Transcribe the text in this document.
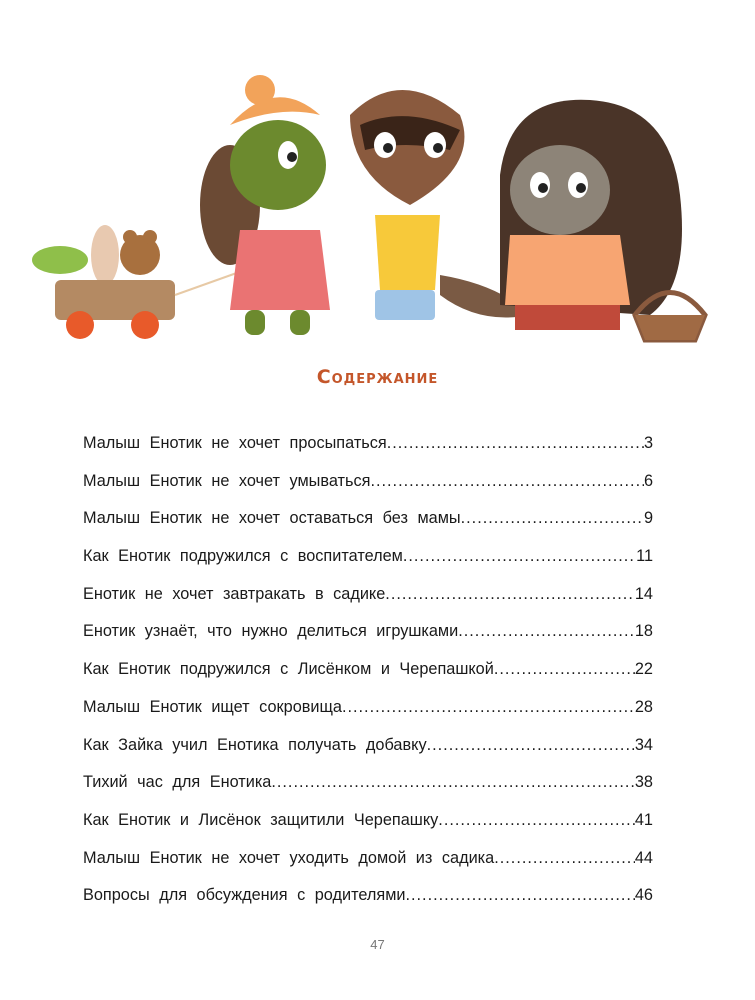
Содержание
Малыш Енотик не хочет просыпаться .....	3
Малыш Енотик не хочет умываться .....	6
Малыш Енотик не хочет оставаться без мамы .....	9
Как Енотик подружился с воспитателем .....	11
Енотик не хочет завтракать в садике .....	14
Енотик узнаёт, что нужно делиться игрушками .....	18
Как Енотик подружился с Лисёнком и Черепашкой .....	22
Малыш Енотик ищет сокровища .....	28
Как Зайка учил Енотика получать добавку .....	34
Тихий час для Енотика .....	38
Как Енотик и Лисёнок защитили Черепашку .....	41
Малыш Енотик не хочет уходить домой из садика .....	44
Вопросы для обсуждения с родителями .....	46
47
